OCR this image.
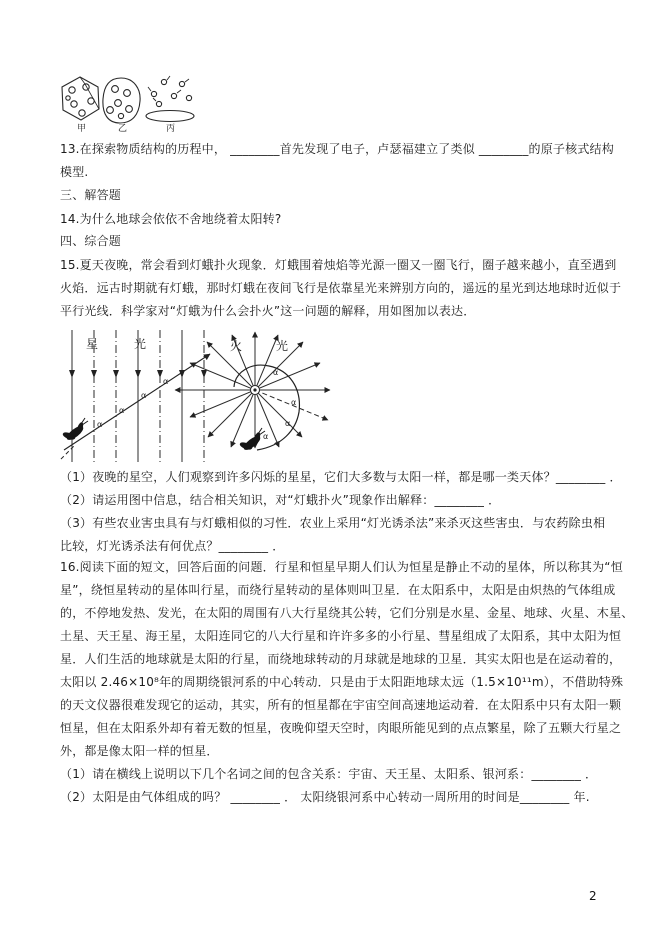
甲	乙	丙
13.在探索物质结构的历程中， ________首先发现了电子，卢瑟福建立了类似 ________的原子核式结构
模型.
三、解答题
14.为什么地球会依依不舍地绕着太阳转?
四、综合题
15.夏天夜晚，常会看到灯蛾扑火现象．灯蛾围着烛焰等光源一圈又一圈飞行，圈子越来越小，直至遇到
火焰．远古时期就有灯蛾，那时灯蛾在夜间飞行是依靠星光来辨别方向的，遥远的星光到达地球时近似于
平行光线．科学家对“灯蛾为什么会扑火”这一问题的解释，用如图加以表达．
星	光
α
α
α
α
火	光
α
α
α
α
（1）夜晚的星空，人们观察到许多闪烁的星星，它们大多数与太阳一样，都是哪一类天体？________ ．
（2）请运用图中信息，结合相关知识，对“灯蛾扑火”现象作出解释：________ ．
（3）有些农业害虫具有与灯蛾相似的习性．农业上采用“灯光诱杀法”来杀灭这些害虫．与农药除虫相
比较，灯光诱杀法有何优点？________ ．
16.阅读下面的短文，回答后面的问题．行星和恒星早期人们认为恒星是静止不动的星体，所以称其为“恒
星”，绕恒星转动的星体叫行星，而绕行星转动的星体则叫卫星．在太阳系中，太阳是由炽热的气体组成
的，不停地发热、发光，在太阳的周围有八大行星绕其公转，它们分别是水星、金星、地球、火星、木星、
土星、天王星、海王星，太阳连同它的八大行星和许许多多的小行星、彗星组成了太阳系，其中太阳为恒
星．人们生活的地球就是太阳的行星，而绕地球转动的月球就是地球的卫星．其实太阳也是在运动着的，
太阳以 2.46×10⁸年的周期绕银河系的中心转动．只是由于太阳距地球太远（1.5×10¹¹m），不借助特殊
的天文仪器很难发现它的运动，其实，所有的恒星都在宇宙空间高速地运动着．在太阳系中只有太阳一颗
恒星，但在太阳系外却有着无数的恒星，夜晚仰望天空时，肉眼所能见到的点点繁星，除了五颗大行星之
外，都是像太阳一样的恒星．
（1）请在横线上说明以下几个名词之间的包含关系：宇宙、天王星、太阳系、银河系：________ ．
（2）太阳是由气体组成的吗？ ________ ． 太阳绕银河系中心转动一周所用的时间是________ 年.
2
